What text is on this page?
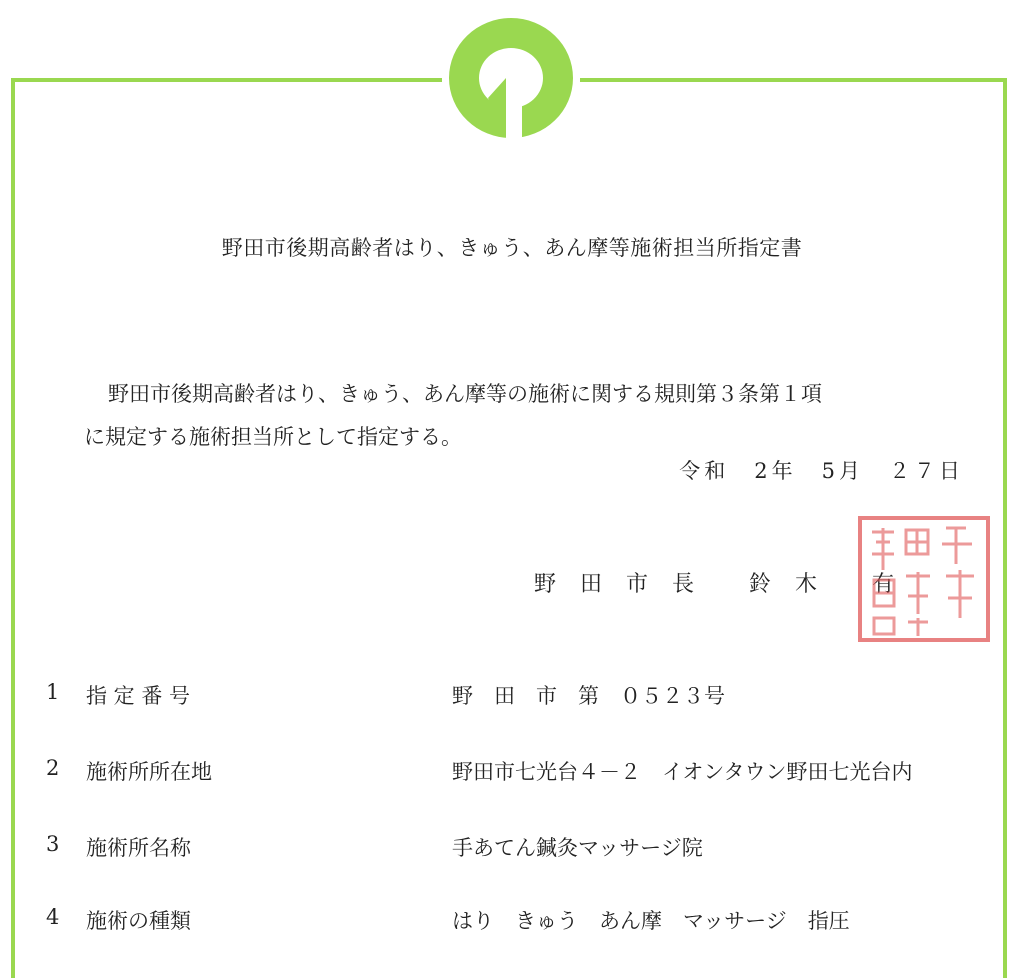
野田市後期高齢者はり、きゅう、あん摩等施術担当所指定書
野田市後期高齢者はり、きゅう、あん摩等の施術に関する規則第３条第１項
に規定する施術担当所として指定する。
令和　2年　5月　２７日
野田市長 鈴木 有
1	指 定 番 号	野　田　市　第　０５２３号
2	施術所所在地	野田市七光台４－２　イオンタウン野田七光台内
3	施術所名称	手あてん鍼灸マッサージ院
4	施術の種類	はり　きゅう　あん摩　マッサージ　指圧
